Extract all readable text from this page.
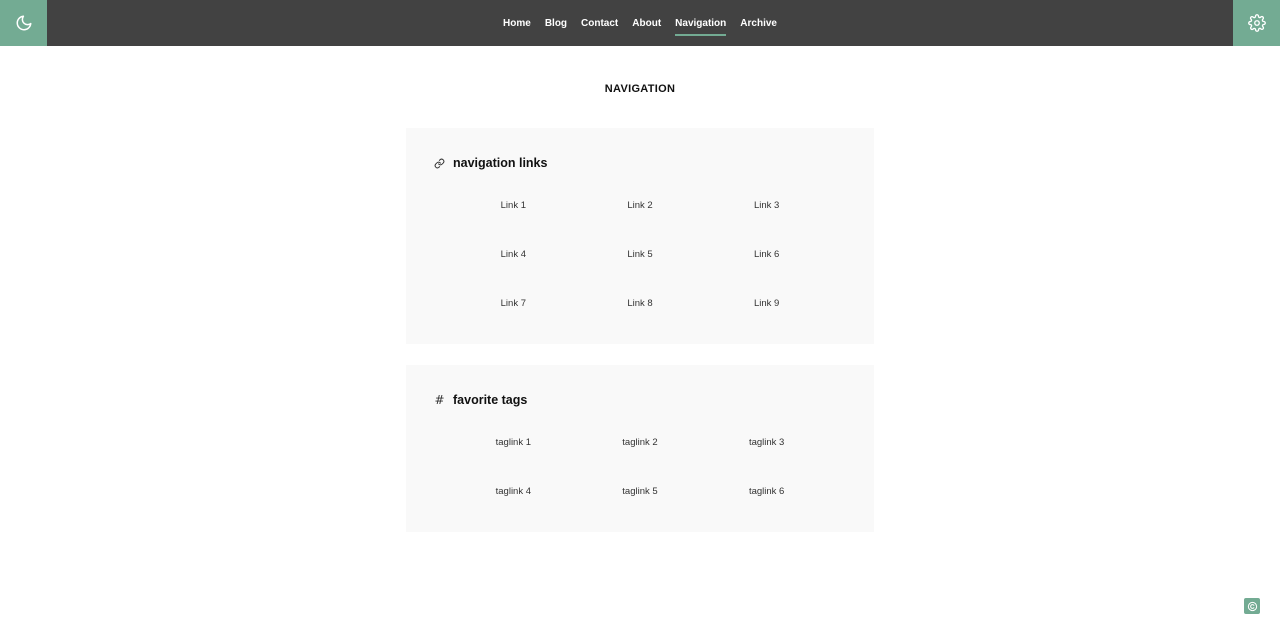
Home	Blog	Contact	About	Navigation	Archive
NAVIGATION
navigation links
Link 1	Link 2	Link 3
Link 4	Link 5	Link 6
Link 7	Link 8	Link 9
# favorite tags
taglink 1	taglink 2	taglink 3
taglink 4	taglink 5	taglink 6
